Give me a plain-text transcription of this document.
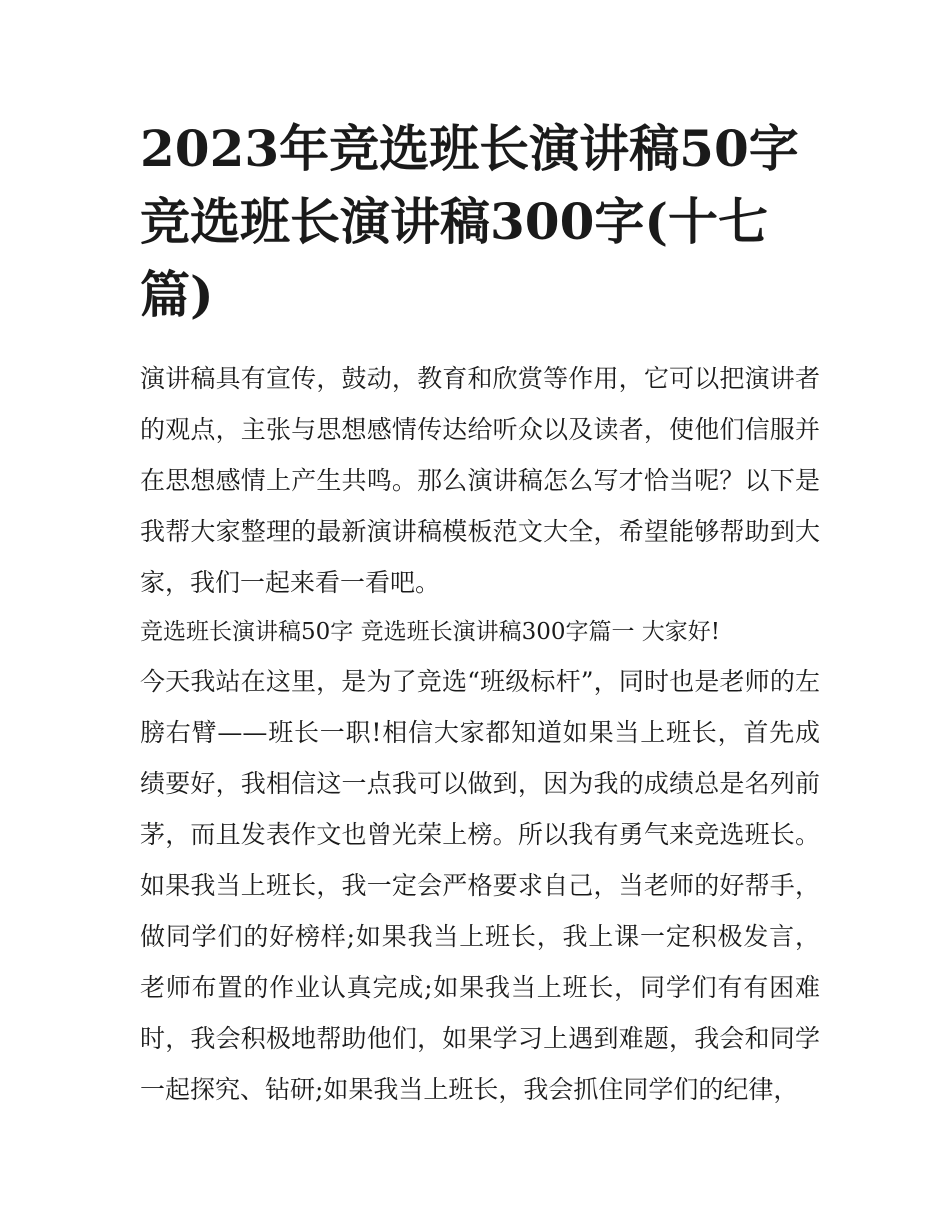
2023年竞选班长演讲稿50字 竞选班长演讲稿300字(十七篇)

演讲稿具有宣传，鼓动，教育和欣赏等作用，它可以把演讲者的观点，主张与思想感情传达给听众以及读者，使他们信服并在思想感情上产生共鸣。那么演讲稿怎么写才恰当呢？以下是我帮大家整理的最新演讲稿模板范文大全，希望能够帮助到大家，我们一起来看一看吧。

竞选班长演讲稿50字 竞选班长演讲稿300字篇一 大家好!

今天我站在这里，是为了竞选“班级标杆”，同时也是老师的左膀右臂——班长一职!相信大家都知道如果当上班长，首先成绩要好，我相信这一点我可以做到，因为我的成绩总是名列前茅，而且发表作文也曾光荣上榜。所以我有勇气来竞选班长。如果我当上班长，我一定会严格要求自己，当老师的好帮手，做同学们的好榜样;如果我当上班长，我上课一定积极发言，老师布置的作业认真完成;如果我当上班长，同学们有有困难时，我会积极地帮助他们，如果学习上遇到难题，我会和同学一起探究、钻研;如果我当上班长，我会抓住同学们的纪律，
